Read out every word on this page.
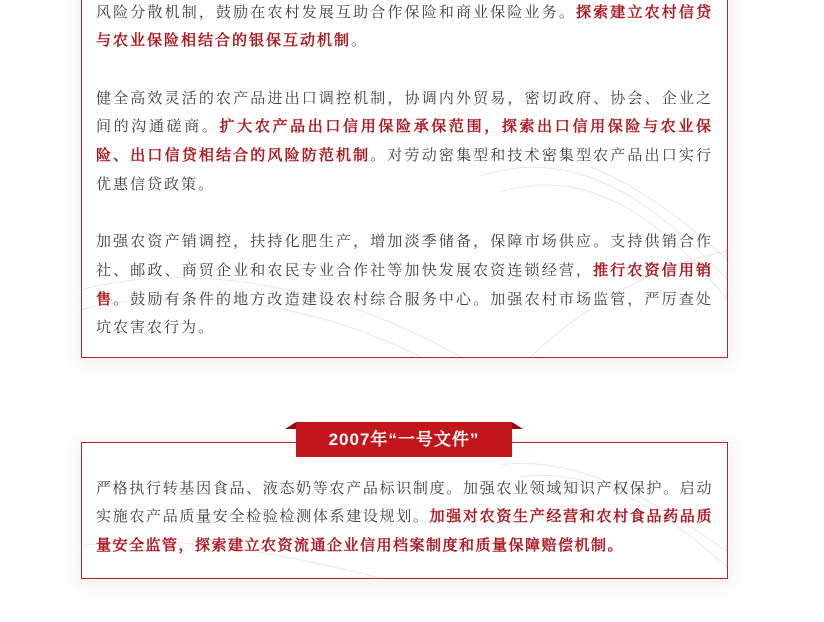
风险分散机制，鼓励在农村发展互助合作保险和商业保险业务。探索建立农村信贷与农业保险相结合的银保互动机制。

健全高效灵活的农产品进出口调控机制，协调内外贸易，密切政府、协会、企业之间的沟通磋商。扩大农产品出口信用保险承保范围，探索出口信用保险与农业保险、出口信贷相结合的风险防范机制。对劳动密集型和技术密集型农产品出口实行优惠信贷政策。

加强农资产销调控，扶持化肥生产，增加淡季储备，保障市场供应。支持供销合作社、邮政、商贸企业和农民专业合作社等加快发展农资连锁经营，推行农资信用销售。鼓励有条件的地方改造建设农村综合服务中心。加强农村市场监管，严厉查处坑农害农行为。

严格执行转基因食品、液态奶等农产品标识制度。加强农业领域知识产权保护。启动实施农产品质量安全检验检测体系建设规划。加强对农资生产经营和农村食品药品质量安全监管，探索建立农资流通企业信用档案制度和质量保障赔偿机制。

2007年“一号文件”
